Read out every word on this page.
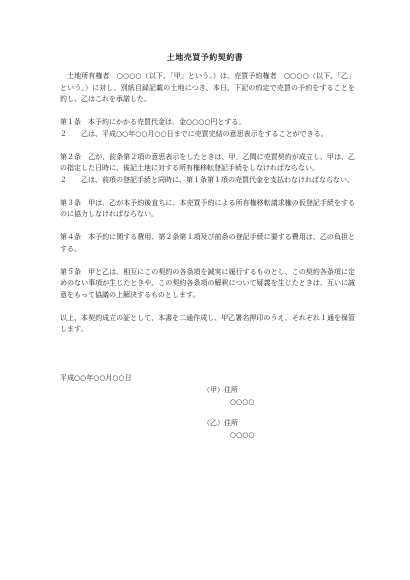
土地売買予約契約書

土地所有権者　○○○○（以下、「甲」という。）は、売買予約権者　○○○○（以下、「乙」という。）に対し、別紙目録記載の土地につき、本日、下記の約定で売買の予約をすることを約し、乙はこれを承諾した。

第１条　本予約にかかる売買代金は、金○○○○円とする。

２　　乙は、平成○○年○○月○○日までに売買完結の意思表示をすることができる。

第２条　乙が、前条第２項の意思表示をしたときは、甲、乙間に売買契約が成立し、甲は、乙の指定した日時に、後記土地に対する所有権移転登記手続をしなければならない。

２　　乙は、前項の登記手続と同時に、第１条第１項の売買代金を支払わなければならない。

第３条　甲は、乙が本予約後直ちに、本売買予約による所有権移転請求権の仮登記手続をするのに協力しなければならない。

第４条　本予約に関する費用、第２条第１項及び前条の登記手続に要する費用は、乙の負担とする。

第５条　甲と乙は、相互にこの契約の各条項を誠実に履行するものとし、この契約各条項に定めのない事項が生じたときや、この契約各条項の解釈について疑義を生じたときは、互いに誠意をもって協議の上解決するものとします。

以上、本契約成立の証として、本書を二通作成し、甲乙署名押印のうえ、それぞれ１通を保管します。

平成○○年○○月○○日
（甲）住所
○○○○
（乙）住所
○○○○
